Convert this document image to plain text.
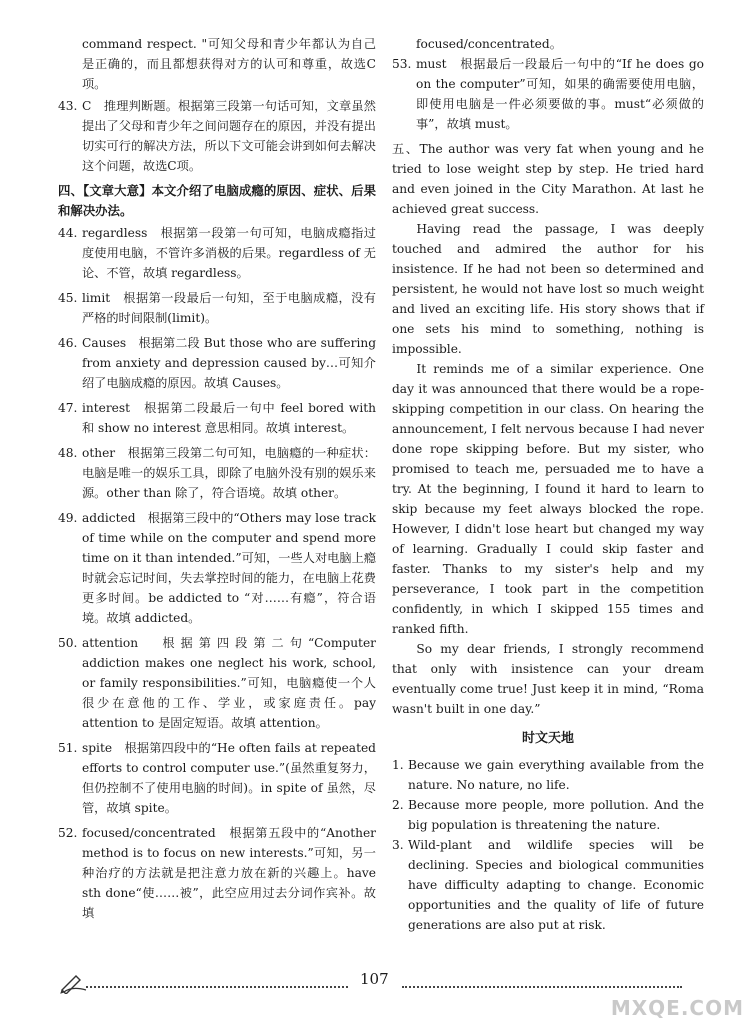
command respect. "可知父母和青少年都认为自己是正确的，而且都想获得对方的认可和尊重，故选C项。

43. C　推理判断题。根据第三段第一句话可知，文章虽然提出了父母和青少年之间问题存在的原因，并没有提出切实可行的解决方法，所以下文可能会讲到如何去解决这个问题，故选C项。

四、【文章大意】本文介绍了电脑成瘾的原因、症状、后果和解决办法。

44. regardless　根据第一段第一句可知，电脑成瘾指过度使用电脑，不管许多消极的后果。regardless of 无论、不管，故填 regardless。
45. limit　根据第一段最后一句知，至于电脑成瘾，没有严格的时间限制(limit)。
46. Causes　根据第二段 But those who are suffering from anxiety and depression caused by…可知介绍了电脑成瘾的原因。故填 Causes。
47. interest　根据第二段最后一句中 feel bored with 和 show no interest 意思相同。故填 interest。
48. other　根据第三段第二句可知，电脑瘾的一种症状：电脑是唯一的娱乐工具，即除了电脑外没有别的娱乐来源。other than 除了，符合语境。故填 other。
49. addicted　根据第三段中的“Others may lose track of time while on the computer and spend more time on it than intended.”可知，一些人对电脑上瘾时就会忘记时间，失去掌控时间的能力，在电脑上花费更多时间。be addicted to “对……有瘾”，符合语境。故填 addicted。
50. attention　根据第四段第二句“Computer addiction makes one neglect his work, school, or family responsibilities.”可知，电脑瘾使一个人很少在意他的工作、学业，或家庭责任。pay attention to 是固定短语。故填 attention。
51. spite　根据第四段中的“He often fails at repeated efforts to control computer use.”(虽然重复努力，但仍控制不了使用电脑的时间)。in spite of 虽然，尽管，故填 spite。
52. focused/concentrated　根据第五段中的“Another method is to focus on new interests.”可知，另一种治疗的方法就是把注意力放在新的兴趣上。have sth done“使……被”，此空应用过去分词作宾补。故填

focused/concentrated。

53. must　根据最后一段最后一句中的“If he does go on the computer”可知，如果的确需要使用电脑，即使用电脑是一件必须要做的事。must“必须做的事”，故填 must。

五、The author was very fat when young and he tried to lose weight step by step. He tried hard and even joined in the City Marathon. At last he achieved great success.

Having read the passage, I was deeply touched and admired the author for his insistence. If he had not been so determined and persistent, he would not have lost so much weight and lived an exciting life. His story shows that if one sets his mind to something, nothing is impossible.

It reminds me of a similar experience. One day it was announced that there would be a rope-skipping competition in our class. On hearing the announcement, I felt nervous because I had never done rope skipping before. But my sister, who promised to teach me, persuaded me to have a try. At the beginning, I found it hard to learn to skip because my feet always blocked the rope. However, I didn't lose heart but changed my way of learning. Gradually I could skip faster and faster. Thanks to my sister's help and my perseverance, I took part in the competition confidently, in which I skipped 155 times and ranked fifth.

So my dear friends, I strongly recommend that only with insistence can your dream eventually come true! Just keep it in mind, “Roma wasn't built in one day.”

时文天地
1. Because we gain everything available from the nature. No nature, no life.
2. Because more people, more pollution. And the big population is threatening the nature.
3. Wild-plant and wildlife species will be declining. Species and biological communities have difficulty adapting to change. Economic opportunities and the quality of life of future generations are also put at risk.
107
MXQE.COM
